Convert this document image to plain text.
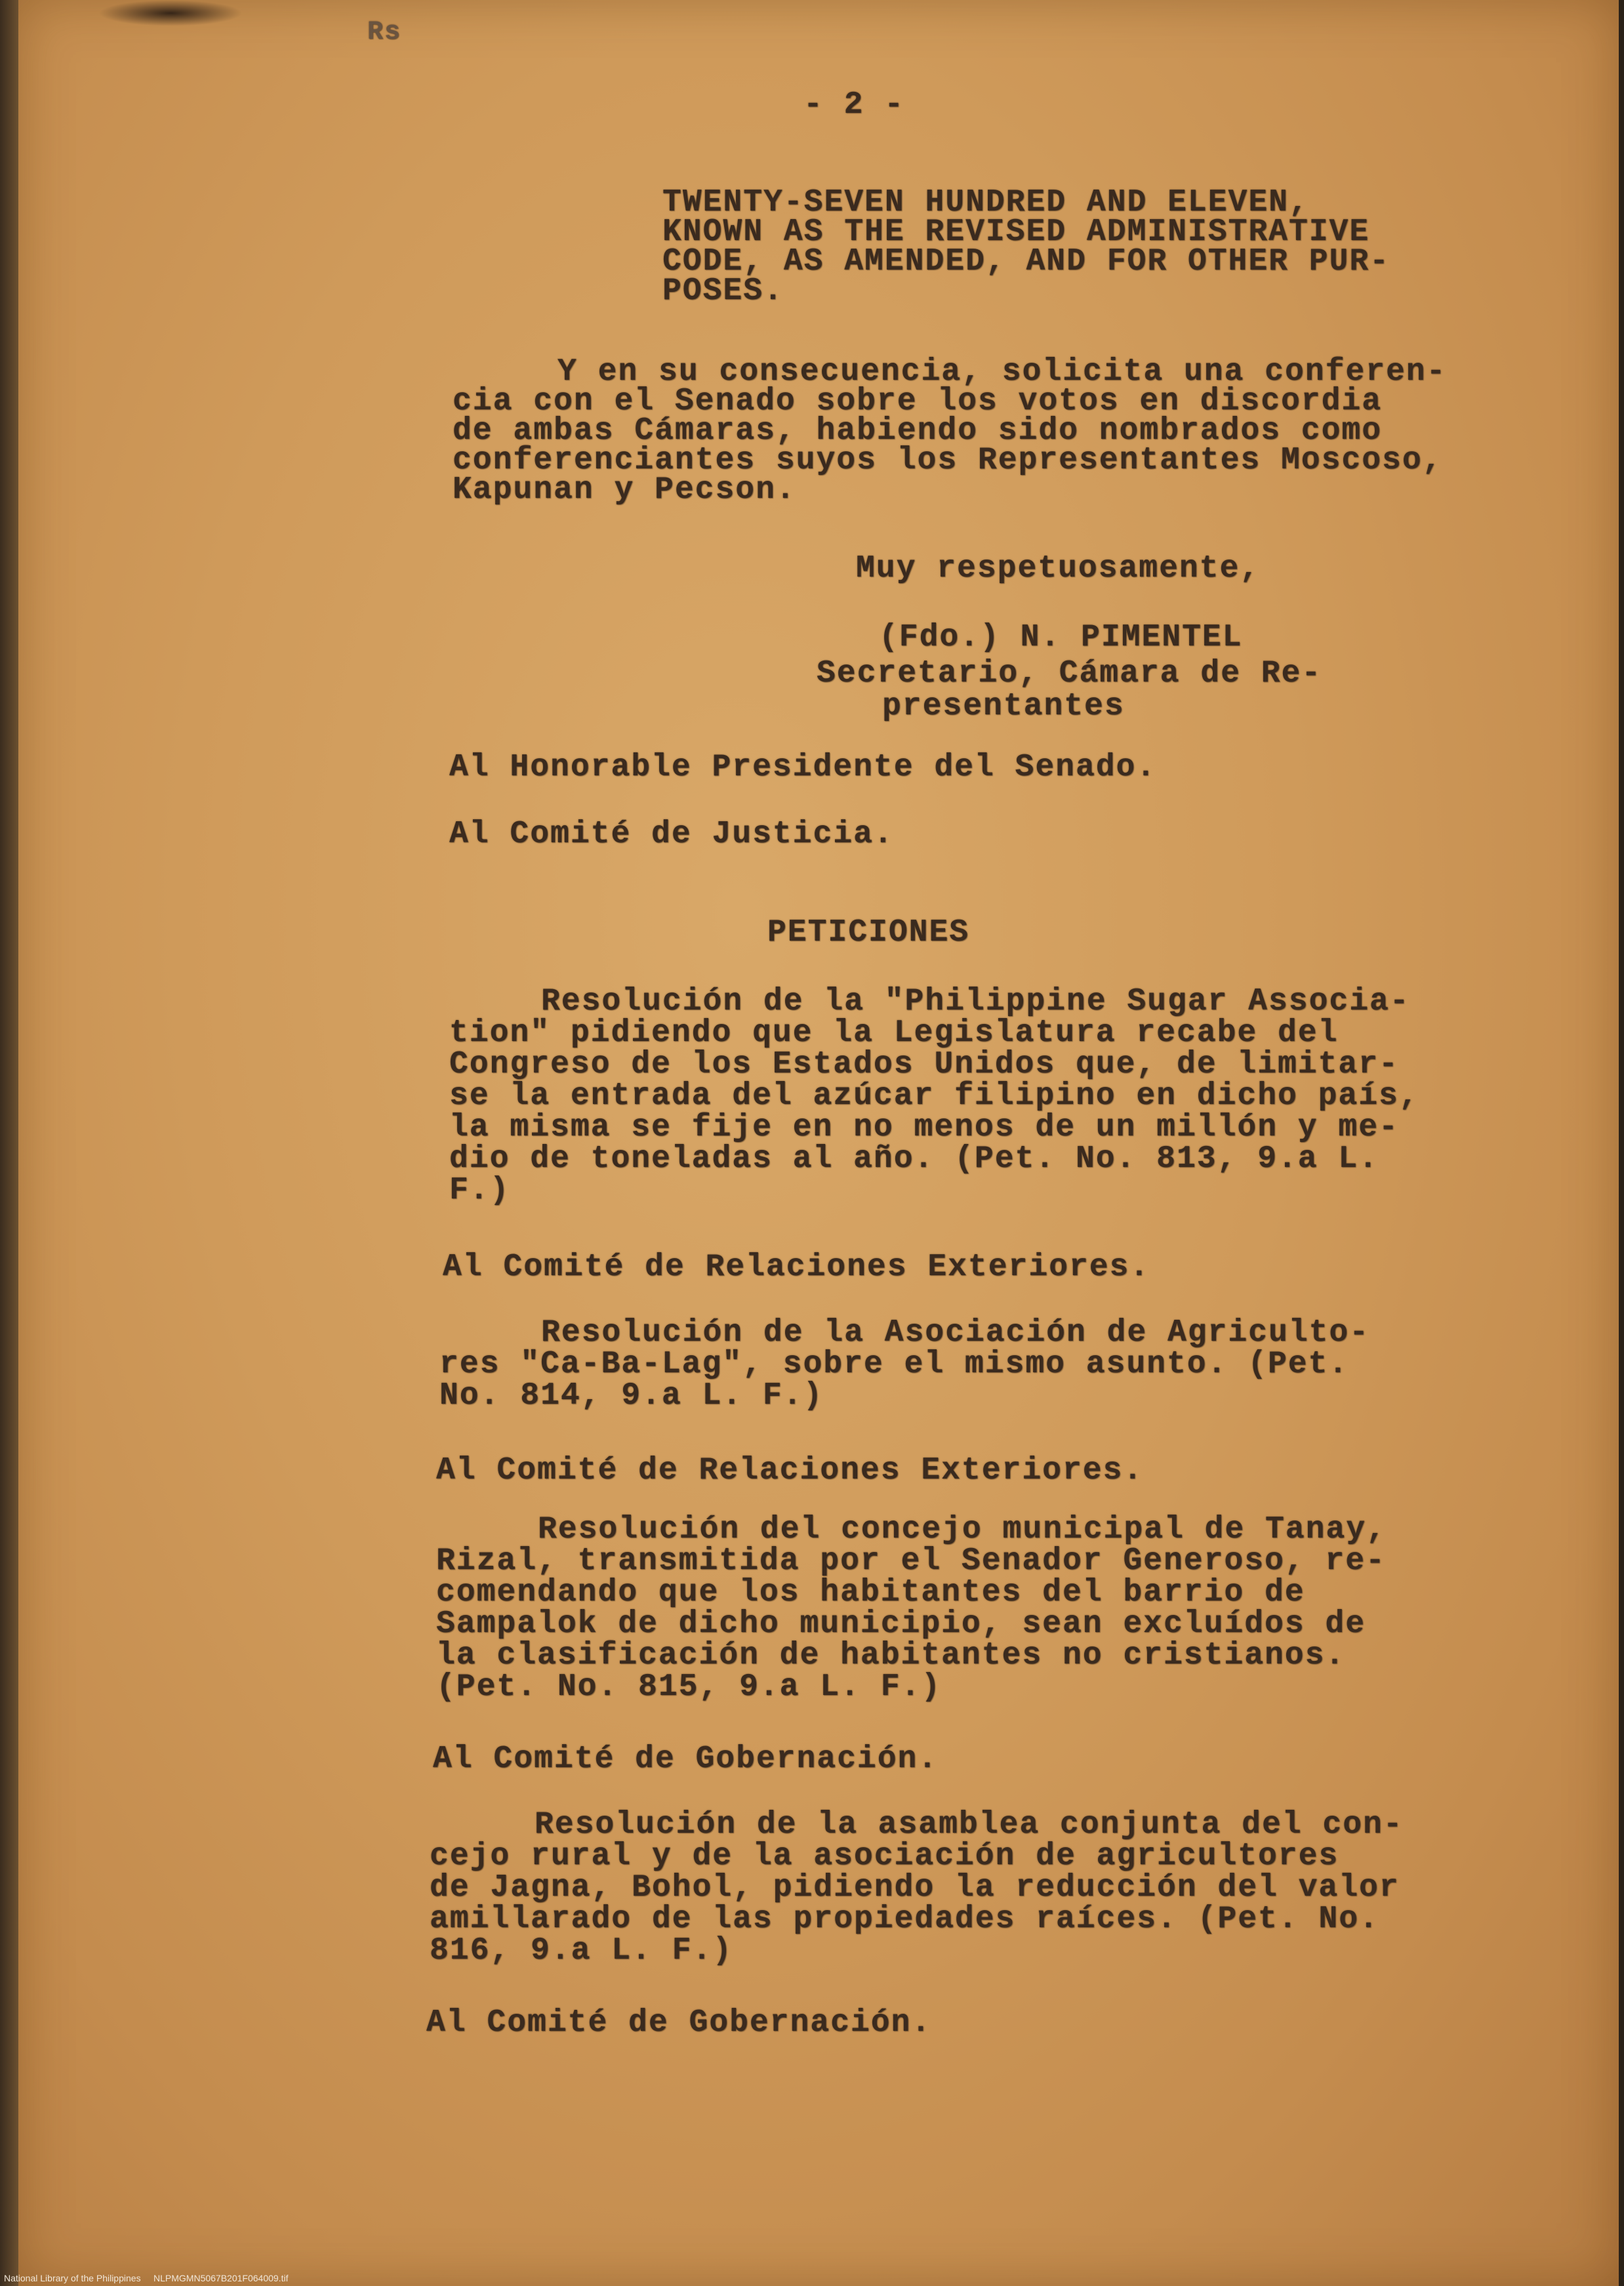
Rs
- 2 -
TWENTY-SEVEN HUNDRED AND ELEVEN,
KNOWN AS THE REVISED ADMINISTRATIVE
CODE, AS AMENDED, AND FOR OTHER PUR-
POSES.
Y en su consecuencia, solicita una conferen-
cia con el Senado sobre los votos en discordia
de ambas Cámaras, habiendo sido nombrados como
conferenciantes suyos los Representantes Moscoso,
Kapunan y Pecson.
Muy respetuosamente,
(Fdo.) N. PIMENTEL
Secretario, Cámara de Re-
presentantes
Al Honorable Presidente del Senado.
Al Comité de Justicia.
PETICIONES
Resolución de la "Philippine Sugar Associa-
tion" pidiendo que la Legislatura recabe del
Congreso de los Estados Unidos que, de limitar-
se la entrada del azúcar filipino en dicho país,
la misma se fije en no menos de un millón y me-
dio de toneladas al año. (Pet. No. 813, 9.a L.
F.)
Al Comité de Relaciones Exteriores.
Resolución de la Asociación de Agriculto-
res "Ca-Ba-Lag", sobre el mismo asunto. (Pet.
No. 814, 9.a L. F.)
Al Comité de Relaciones Exteriores.
Resolución del concejo municipal de Tanay,
Rizal, transmitida por el Senador Generoso, re-
comendando que los habitantes del barrio de
Sampalok de dicho municipio, sean excluídos de
la clasificación de habitantes no cristianos.
(Pet. No. 815, 9.a L. F.)
Al Comité de Gobernación.
Resolución de la asamblea conjunta del con-
cejo rural y de la asociación de agricultores
de Jagna, Bohol, pidiendo la reducción del valor
amillarado de las propiedades raíces. (Pet. No.
816, 9.a L. F.)
Al Comité de Gobernación.
National Library of the Philippines     NLPMGMN5067B201F064009.tif
